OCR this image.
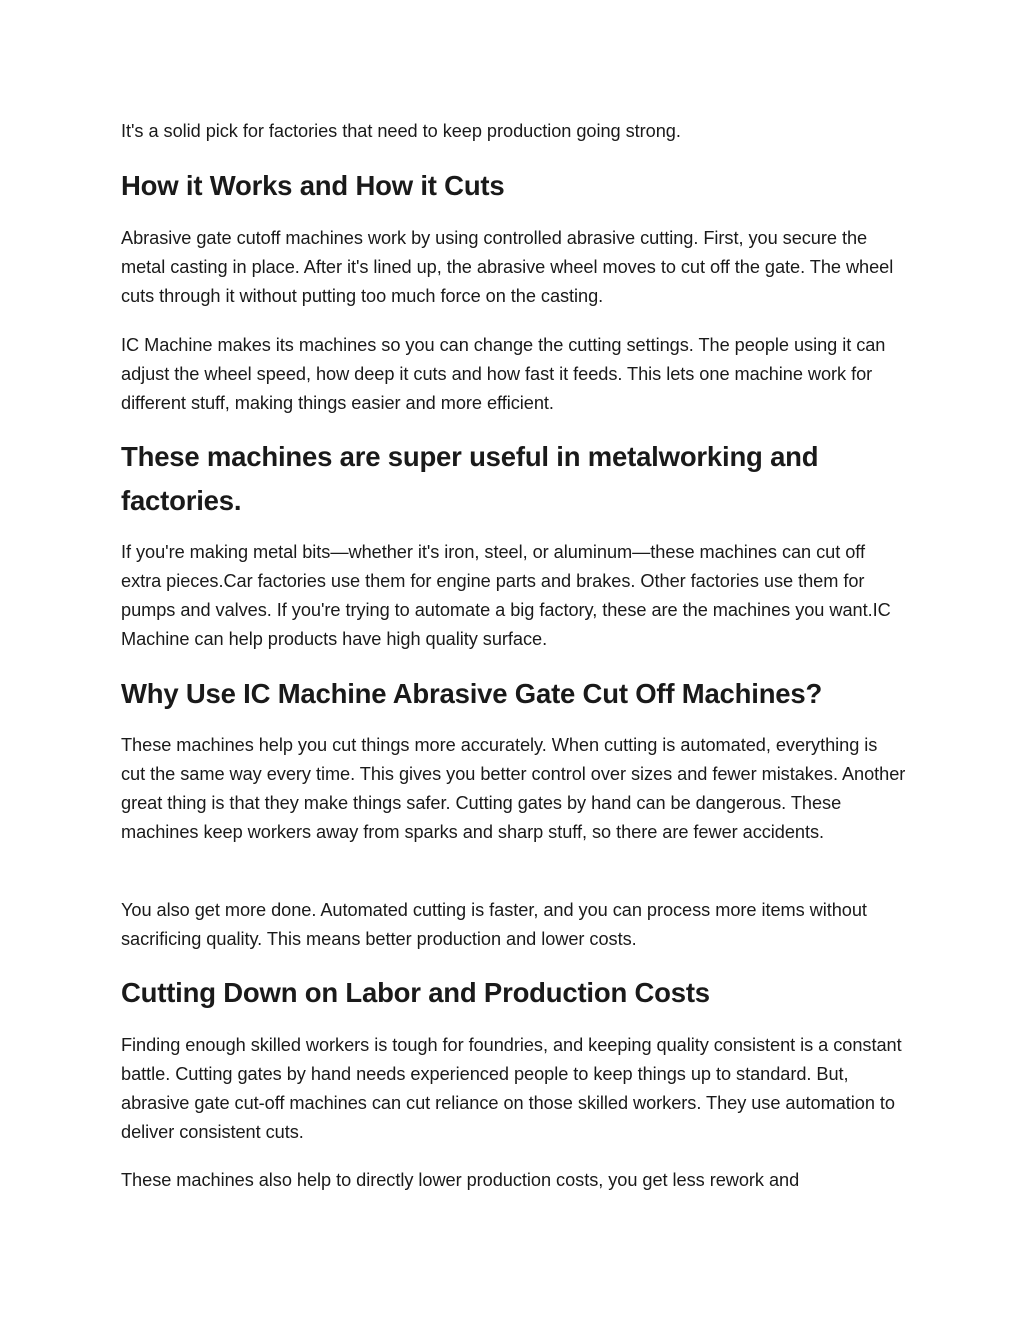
It's a solid pick for factories that need to keep production going strong.

How it Works and How it Cuts

Abrasive gate cutoff machines work by using controlled abrasive cutting. First, you secure the metal casting in place. After it's lined up, the abrasive wheel moves to cut off the gate. The wheel cuts through it without putting too much force on the casting.

IC Machine makes its machines so you can change the cutting settings. The people using it can adjust the wheel speed, how deep it cuts and how fast it feeds. This lets one machine work for different stuff, making things easier and more efficient.

These machines are super useful in metalworking and factories.

If you're making metal bits—whether it's iron, steel, or aluminum—these machines can cut off extra pieces.Car factories use them for engine parts and brakes. Other factories use them for pumps and valves. If you're trying to automate a big factory, these are the machines you want.IC Machine can help products have high quality surface.

Why Use IC Machine Abrasive Gate Cut Off Machines?

These machines help you cut things more accurately. When cutting is automated, everything is cut the same way every time. This gives you better control over sizes and fewer mistakes. Another great thing is that they make things safer. Cutting gates by hand can be dangerous. These machines keep workers away from sparks and sharp stuff, so there are fewer accidents.

You also get more done. Automated cutting is faster, and you can process more items without sacrificing quality. This means better production and lower costs.

Cutting Down on Labor and Production Costs

Finding enough skilled workers is tough for foundries, and keeping quality consistent is a constant battle. Cutting gates by hand needs experienced people to keep things up to standard. But, abrasive gate cut-off machines can cut reliance on those skilled workers. They use automation to deliver consistent cuts.

These machines also help to directly lower production costs, you get less rework and
